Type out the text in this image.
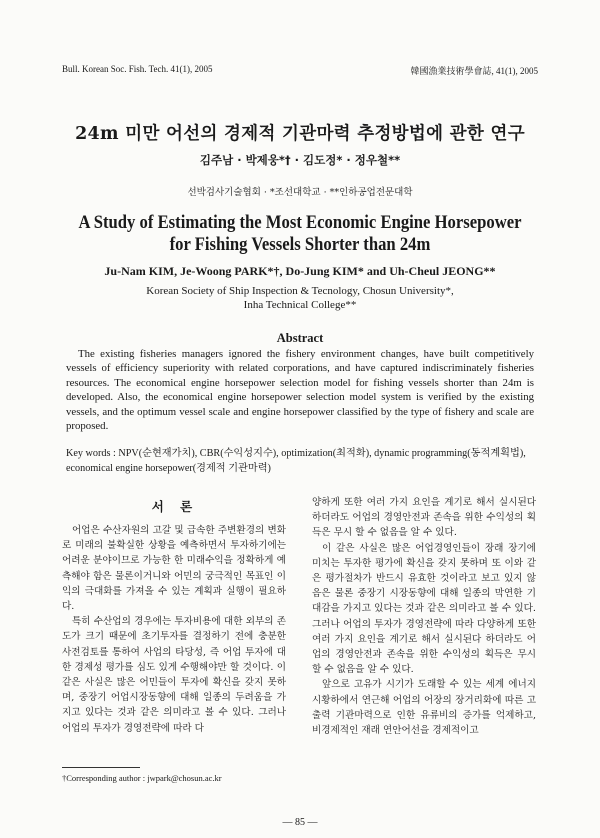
Bull. Korean Soc. Fish. Tech. 41(1), 2005	韓國漁業技術學會誌, 41(1), 2005
24m 미만 어선의 경제적 기관마력 추정방법에 관한 연구
김주남 · 박제웅*† · 김도정* · 정우철**
선박검사기술협회 · *조선대학교 · **인하공업전문대학
A Study of Estimating the Most Economic Engine Horsepower
for Fishing Vessels Shorter than 24m
Ju-Nam KIM, Je-Woong PARK*†, Do-Jung KIM* and Uh-Cheul JEONG**
Korean Society of Ship Inspection & Tecnology, Chosun University*,
Inha Technical College**
Abstract
The existing fisheries managers ignored the fishery environment changes, have built competitively vessels of efficiency superiority with related corporations, and have captured indiscriminately fisheries resources. The economical engine horsepower selection model for fishing vessels shorter than 24m is developed. Also, the economical engine horsepower selection model system is verified by the existing vessels, and the optimum vessel scale and engine horsepower classified by the type of fishery and scale are proposed.
Key words : NPV(순현재가치), CBR(수익성지수), optimization(최적화), dynamic programming(동적계획법), economical engine horsepower(경제적 기관마력)
서 론

어업은 수산자원의 고갈 및 급속한 주변환경의 변화로 미래의 불확실한 상황을 예측하면서 투자하기에는 어려운 분야이므로 가능한 한 미래수익을 정확하게 예측해야 함은 물론이거니와 어민의 궁극적인 목표인 이익의 극대화를 가져올 수 있는 계획과 실행이 필요하다.

특히 수산업의 경우에는 투자비용에 대한 외부의 존도가 크기 때문에 초기투자를 결정하기 전에 충분한 사전검토를 통하여 사업의 타당성, 즉 어업 투자에 대한 경제성 평가를 심도 있게 수행해야만 할 것이다. 이 같은 사실은 많은 어민들이 투자에 확신을 갖지 못하며, 중장기 어업시장동향에 대해 일종의 두려움을 가지고 있다는 것과 같은 의미라고 볼 수 있다. 그러나 어업의 투자가 경영전략에 따라 다

양하게 또한 여러 가지 요인을 계기로 해서 실시된다 하더라도 어업의 경영안전과 존속을 위한 수익성의 획득은 무시 할 수 없음을 알 수 있다.

이 같은 사실은 많은 어업경영인들이 장래 장기에 미치는 투자한 평가에 확신을 갖지 못하며 또 이와 같은 평가절차가 반드시 유효한 것이라고 보고 있지 않음은 물론 중장기 시장동향에 대해 일종의 막연한 기대감을 가지고 있다는 것과 같은 의미라고 볼 수 있다. 그러나 어업의 투자가 경영전략에 따라 다양하게 또한 여러 가지 요인을 계기로 해서 실시된다 하더라도 어업의 경영안전과 존속을 위한 수익성의 획득은 무시 할 수 없음을 알 수 있다.

앞으로 고유가 시기가 도래할 수 있는 세계 에너지 시황하에서 연근해 어업의 어장의 장거리화에 따른 고출력 기관마력으로 인한 유류비의 증가를 억제하고, 비경제적인 재래 연안어선을 경제적이고

†Corresponding author : jwpark@chosun.ac.kr
— 85 —
